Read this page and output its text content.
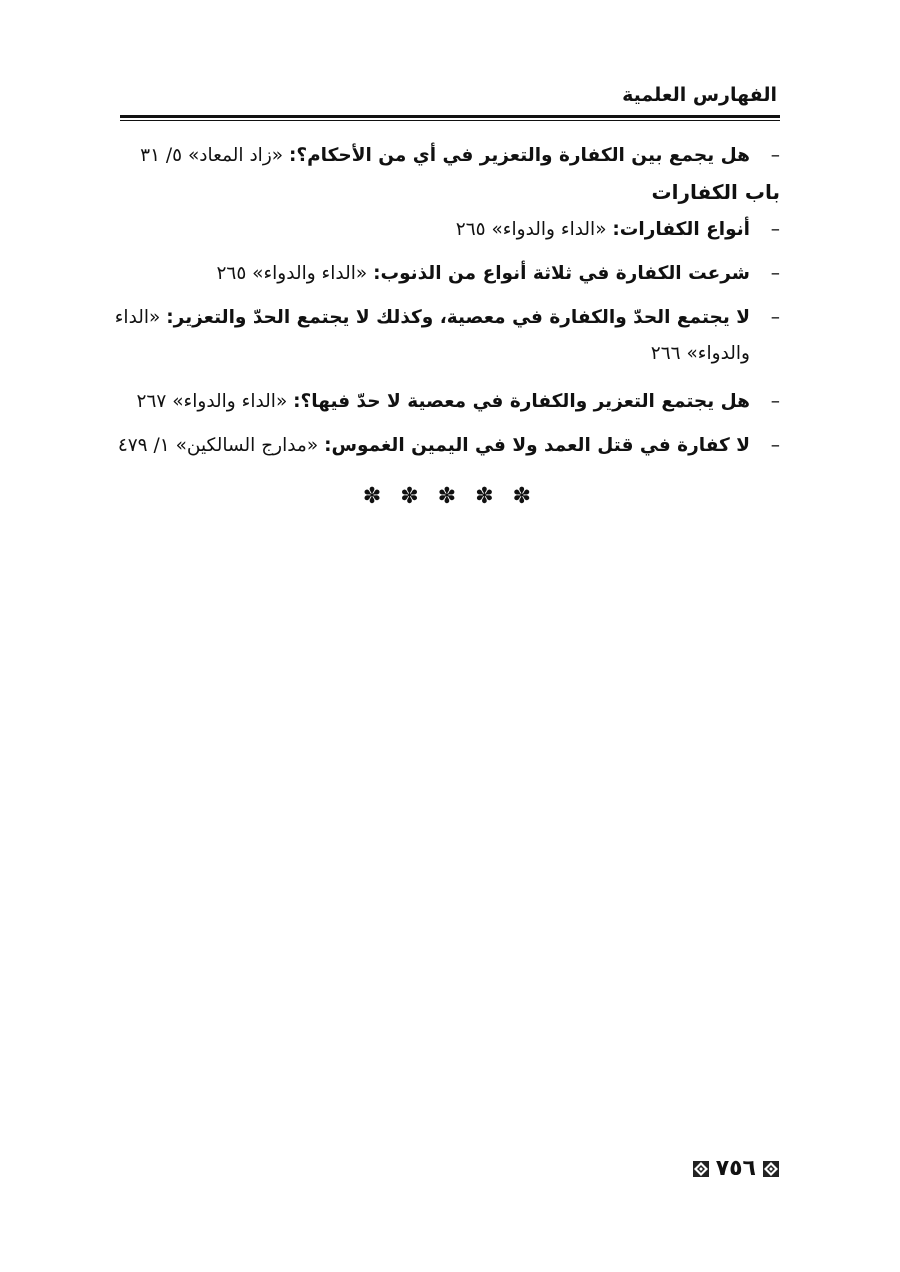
الفهارس العلمية

–
هل يجمع بين الكفارة والتعزير في أي من الأحكام؟: «زاد المعاد» ٥/ ٣١

باب الكفارات

–
أنواع الكفارات: «الداء والدواء» ٢٦٥

–
شرعت الكفارة في ثلاثة أنواع من الذنوب: «الداء والدواء» ٢٦٥

–
لا يجتمع الحدّ والكفارة في معصية، وكذلك لا يجتمع الحدّ والتعزير: «الداء والدواء» ٢٦٦

–
هل يجتمع التعزير والكفارة في معصية لا حدّ فيها؟: «الداء والدواء» ٢٦٧

–
لا كفارة في قتل العمد ولا في اليمين الغموس: «مدارج السالكين» ١/ ٤٧٩

✽ ✽ ✽ ✽ ✽
٧٥٦
